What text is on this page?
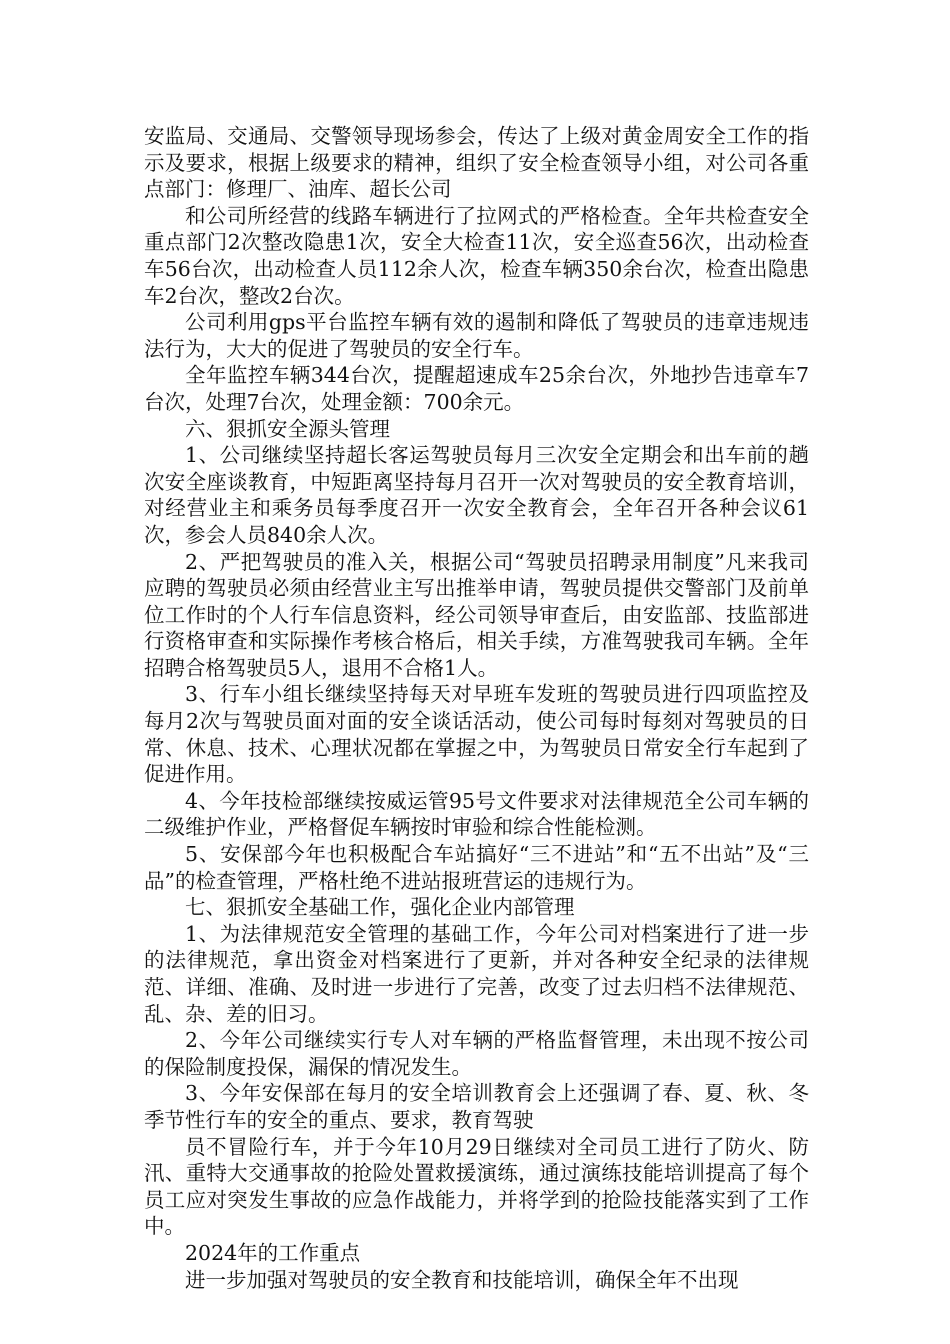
安监局、交通局、交警领导现场参会，传达了上级对黄金周安全工作的指示及要求，根据上级要求的精神，组织了安全检查领导小组，对公司各重点部门：修理厂、油库、超长公司

和公司所经营的线路车辆进行了拉网式的严格检查。全年共检查安全重点部门2次整改隐患1次，安全大检查11次，安全巡查56次，出动检查车56台次，出动检查人员112余人次，检查车辆350余台次，检查出隐患车2台次，整改2台次。

公司利用gps平台监控车辆有效的遏制和降低了驾驶员的违章违规违法行为，大大的促进了驾驶员的安全行车。

全年监控车辆344台次，提醒超速成车25余台次，外地抄告违章车7台次，处理7台次，处理金额：700余元。

六、狠抓安全源头管理

1、公司继续坚持超长客运驾驶员每月三次安全定期会和出车前的趟次安全座谈教育，中短距离坚持每月召开一次对驾驶员的安全教育培训，对经营业主和乘务员每季度召开一次安全教育会，全年召开各种会议61次，参会人员840余人次。

2、严把驾驶员的准入关，根据公司“驾驶员招聘录用制度”凡来我司应聘的驾驶员必须由经营业主写出推举申请，驾驶员提供交警部门及前单位工作时的个人行车信息资料，经公司领导审查后，由安监部、技监部进行资格审查和实际操作考核合格后，相关手续，方准驾驶我司车辆。全年招聘合格驾驶员5人，退用不合格1人。

3、行车小组长继续坚持每天对早班车发班的驾驶员进行四项监控及每月2次与驾驶员面对面的安全谈话活动，使公司每时每刻对驾驶员的日常、休息、技术、心理状况都在掌握之中，为驾驶员日常安全行车起到了促进作用。

4、今年技检部继续按威运管95号文件要求对法律规范全公司车辆的二级维护作业，严格督促车辆按时审验和综合性能检测。

5、安保部今年也积极配合车站搞好“三不进站”和“五不出站”及“三品”的检查管理，严格杜绝不进站报班营运的违规行为。

七、狠抓安全基础工作，强化企业内部管理

1、为法律规范安全管理的基础工作，今年公司对档案进行了进一步的法律规范，拿出资金对档案进行了更新，并对各种安全纪录的法律规范、详细、准确、及时进一步进行了完善，改变了过去归档不法律规范、乱、杂、差的旧习。

2、今年公司继续实行专人对车辆的严格监督管理，未出现不按公司的保险制度投保，漏保的情况发生。

3、今年安保部在每月的安全培训教育会上还强调了春、夏、秋、冬季节性行车的安全的重点、要求，教育驾驶

员不冒险行车，并于今年10月29日继续对全司员工进行了防火、防汛、重特大交通事故的抢险处置救援演练，通过演练技能培训提高了每个员工应对突发生事故的应急作战能力，并将学到的抢险技能落实到了工作中。

2024年的工作重点

进一步加强对驾驶员的安全教育和技能培训，确保全年不出现
